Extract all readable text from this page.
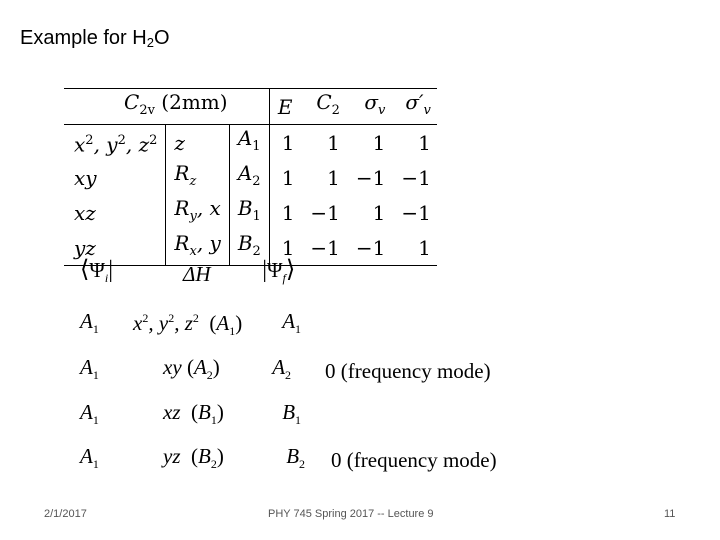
Example for $H_2O$
$C_{2v}$ (2mm)			E	$C_2$	$\sigma_v$	$\sigma'_v$
$x^2$, $y^2$, $z^2$	z	$A_1$	1	1	1	1
xy	$R_z$	$A_2$	1	1	−1	−1
xz	$R_y$, x	$B_1$	1	−1	1	−1
yz	$R_x$, y	$B_2$	1	−1	−1	1
$⟨\Psi_i|$	ΔH	$|\Psi_f⟩$	
$A_1$	$x^2$, $y^2$, $z^2$  $(A_1)$	$A_1$	
$A_1$	xy $(A_2)$	$A_2$	0 (frequency mode)
$A_1$	xz  $(B_1)$	$B_1$	
$A_1$	yz  $(B_2)$	$B_2$	0 (frequency mode)
2/1/2017	PHY 745 Spring 2017 -- Lecture 9	11
